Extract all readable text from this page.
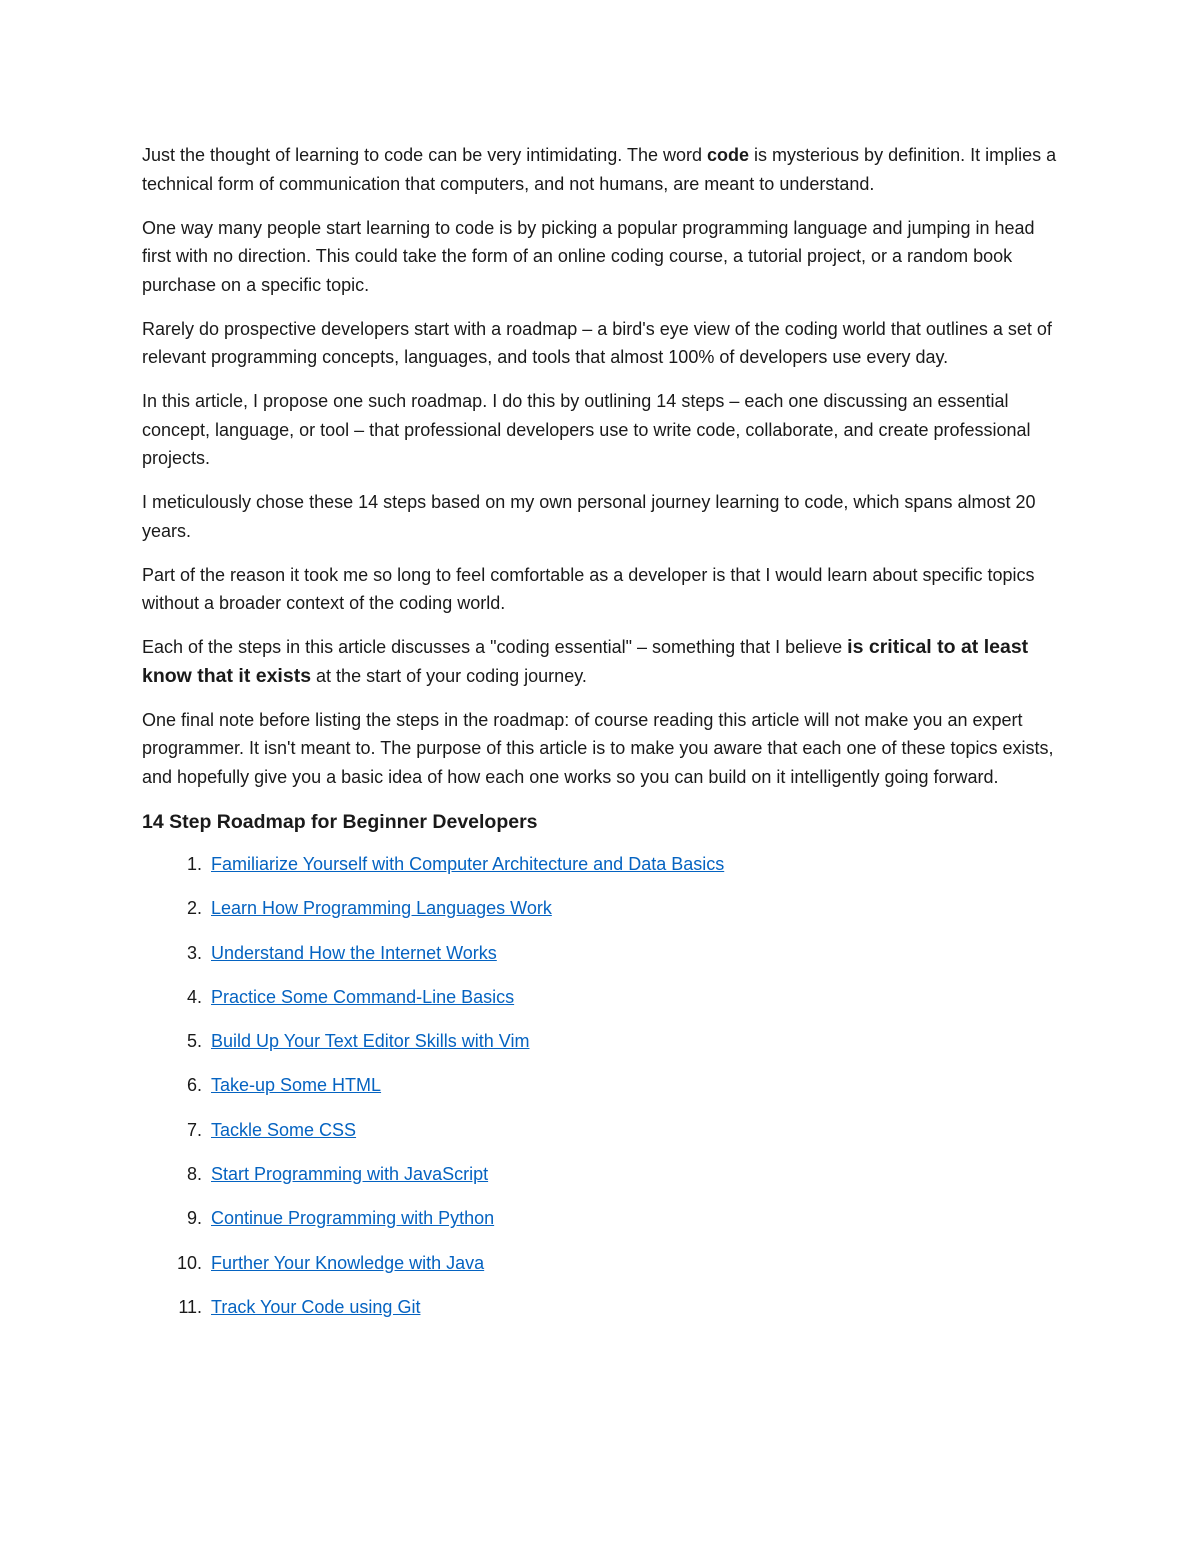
Just the thought of learning to code can be very intimidating. The word code is mysterious by definition. It implies a technical form of communication that computers, and not humans, are meant to understand.

One way many people start learning to code is by picking a popular programming language and jumping in head first with no direction. This could take the form of an online coding course, a tutorial project, or a random book purchase on a specific topic.

Rarely do prospective developers start with a roadmap – a bird's eye view of the coding world that outlines a set of relevant programming concepts, languages, and tools that almost 100% of developers use every day.

In this article, I propose one such roadmap. I do this by outlining 14 steps – each one discussing an essential concept, language, or tool – that professional developers use to write code, collaborate, and create professional projects.

I meticulously chose these 14 steps based on my own personal journey learning to code, which spans almost 20 years.

Part of the reason it took me so long to feel comfortable as a developer is that I would learn about specific topics without a broader context of the coding world.

Each of the steps in this article discusses a "coding essential" – something that I believe is critical to at least know that it exists at the start of your coding journey.

One final note before listing the steps in the roadmap: of course reading this article will not make you an expert programmer. It isn't meant to. The purpose of this article is to make you aware that each one of these topics exists, and hopefully give you a basic idea of how each one works so you can build on it intelligently going forward.

14 Step Roadmap for Beginner Developers
1. Familiarize Yourself with Computer Architecture and Data Basics
2. Learn How Programming Languages Work
3. Understand How the Internet Works
4. Practice Some Command-Line Basics
5. Build Up Your Text Editor Skills with Vim
6. Take-up Some HTML
7. Tackle Some CSS
8. Start Programming with JavaScript
9. Continue Programming with Python
10. Further Your Knowledge with Java
11. Track Your Code using Git
